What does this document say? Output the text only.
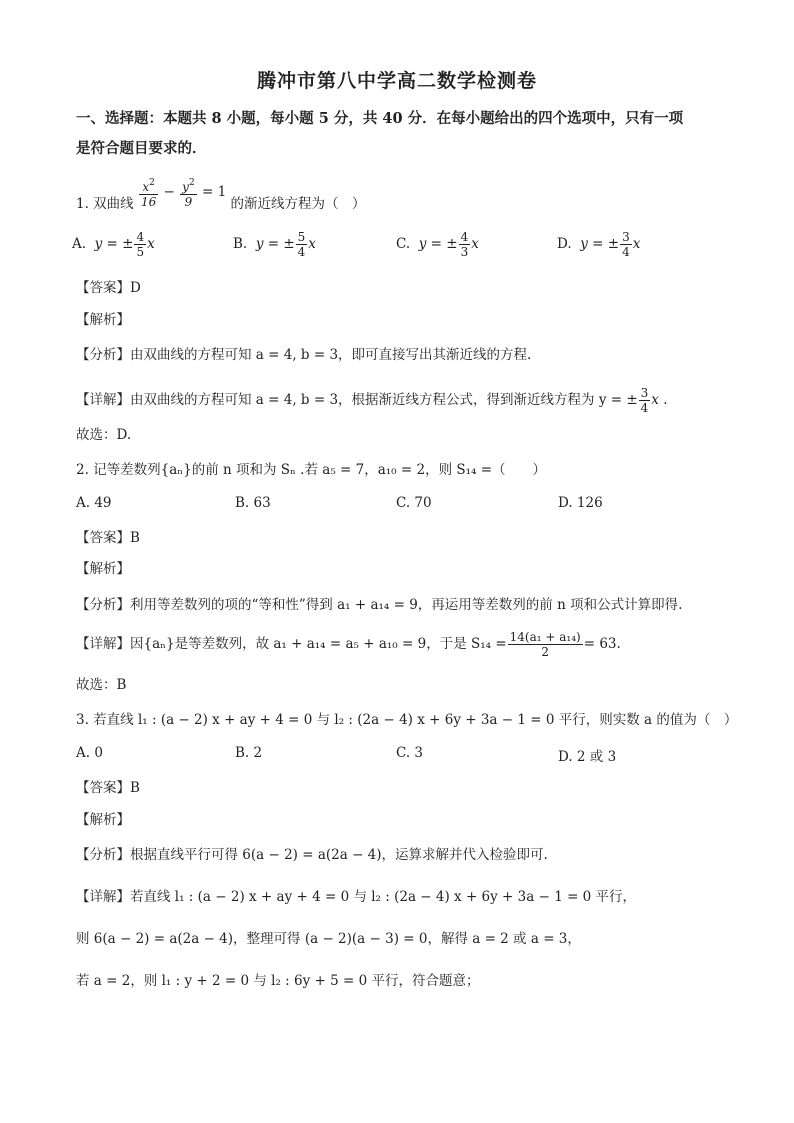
腾冲市第八中学高二数学检测卷
一、选择题：本题共 8 小题，每小题 5 分，共 40 分．在每小题给出的四个选项中，只有一项
是符合题目要求的．
1. 双曲线 $\frac{x^2}{16} - \frac{y^2}{9} = 1$ 的渐近线方程为（　）
A. y = ± $\frac{4}{5}$ x	B. y = ± $\frac{5}{4}$ x	C. y = ± $\frac{4}{3}$ x	D. y = ± $\frac{3}{4}$ x
【答案】D
【解析】
【分析】由双曲线的方程可知 a = 4, b = 3，即可直接写出其渐近线的方程.
【详解】由双曲线的方程可知 a = 4, b = 3，根据渐近线方程公式，得到渐近线方程为 y = ± $\frac{3}{4}$ x .
故选：D.
2. 记等差数列{aₙ}的前 n 项和为 Sₙ .若 a₅ = 7，a₁₀ = 2，则 S₁₄ =（　　）
A. 49	B. 63	C. 70	D. 126
【答案】B
【解析】
【分析】利用等差数列的项的“等和性”得到 a₁ + a₁₄ = 9，再运用等差数列的前 n 项和公式计算即得.
【详解】因{aₙ}是等差数列，故 a₁ + a₁₄ = a₅ + a₁₀ = 9，于是 $S_{14} = \frac{\text{14(a₁ + a₁₄)}}{2} = 63$.
故选：B
3. 若直线 l₁ : (a − 2) x + ay + 4 = 0 与 l₂ : (2a − 4) x + 6y + 3a − 1 = 0 平行，则实数 a 的值为（　）
A. 0	B. 2	C. 3	D. 2 或 3
【答案】B
【解析】
【分析】根据直线平行可得 6(a − 2) = a(2a − 4)，运算求解并代入检验即可.
【详解】若直线 l₁ : (a − 2) x + ay + 4 = 0 与 l₂ : (2a − 4) x + 6y + 3a − 1 = 0 平行，
则 6(a − 2) = a(2a − 4)，整理可得 (a − 2)(a − 3) = 0，解得 a = 2 或 a = 3，
若 a = 2，则 l₁ : y + 2 = 0 与 l₂ : 6y + 5 = 0 平行，符合题意；
